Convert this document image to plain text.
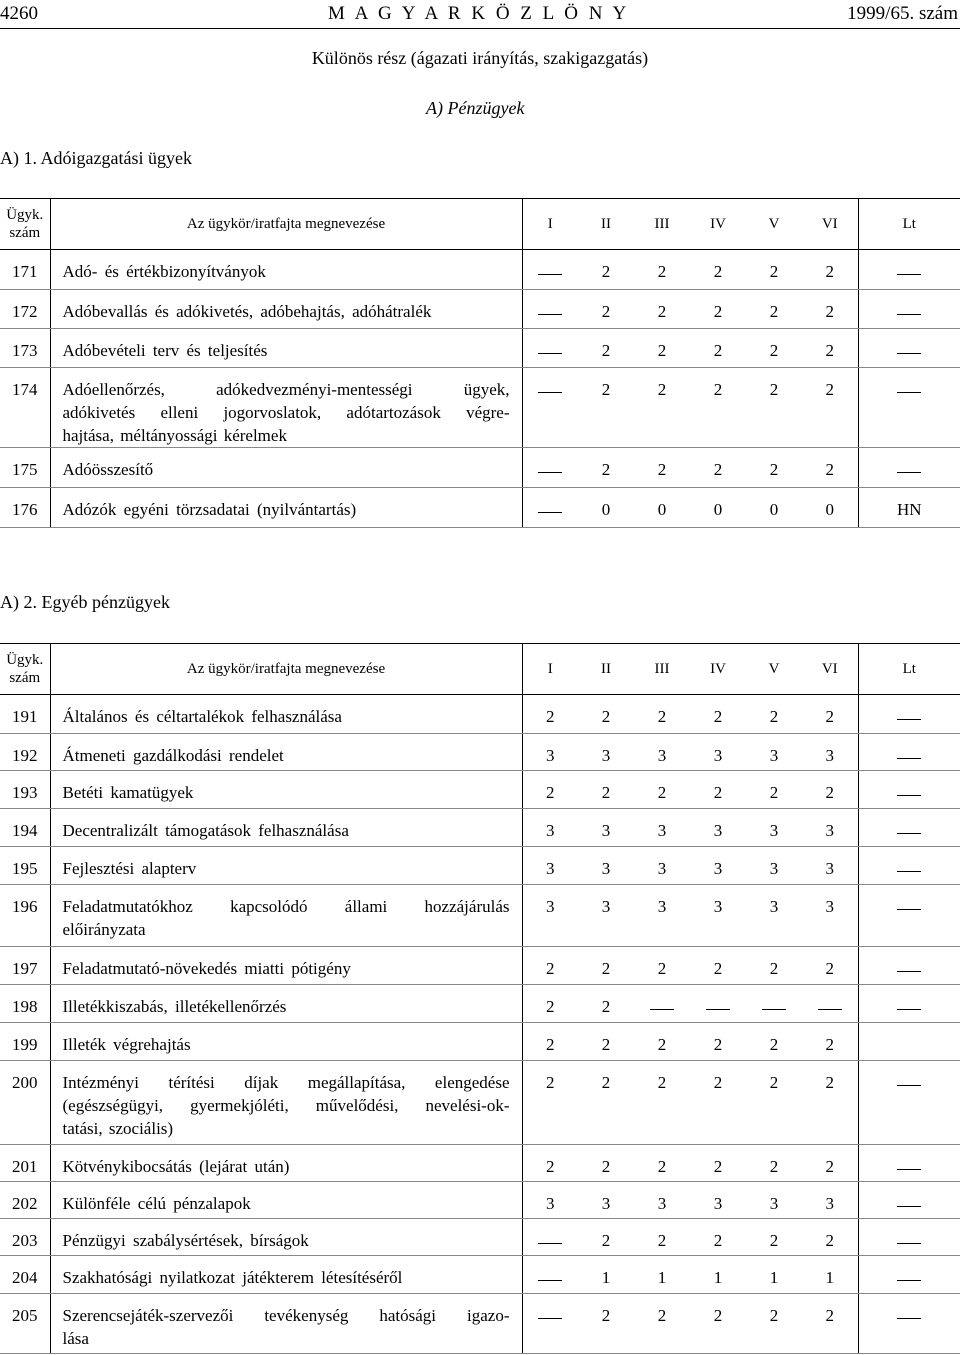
4260	M A G Y A R K Ö Z L Ö N Y	1999/65. szám
Különös rész (ágazati irányítás, szakigazgatás)
A) Pénzügyek
A) 1. Adóigazgatási ügyek
A) 2. Egyéb pénzügyek
Ügyk.
szám	Az ügykör/iratfajta megnevezése	I	II	III	IV	V	VI	Lt
171	Adó- és értékbizonyítványok		2	2	2	2	2	
172	Adóbevallás és adókivetés, adóbehajtás, adóhátralék		2	2	2	2	2	
173	Adóbevételi terv és teljesítés		2	2	2	2	2	
174	Adóellenőrzés, adókedvezményi-mentességi ügyek,
adókivetés elleni jogorvoslatok, adótartozások végre-
hajtása, méltányossági kérelmek		2	2	2	2	2	
175	Adóösszesítő		2	2	2	2	2	
176	Adózók egyéni törzsadatai (nyilvántartás)		0	0	0	0	0	HN
Ügyk.
szám	Az ügykör/iratfajta megnevezése	I	II	III	IV	V	VI	Lt
191	Általános és céltartalékok felhasználása	2	2	2	2	2	2	
192	Átmeneti gazdálkodási rendelet	3	3	3	3	3	3	
193	Betéti kamatügyek	2	2	2	2	2	2	
194	Decentralizált támogatások felhasználása	3	3	3	3	3	3	
195	Fejlesztési alapterv	3	3	3	3	3	3	
196	Feladatmutatókhoz kapcsolódó állami hozzájárulás
előirányzata	3	3	3	3	3	3	
197	Feladatmutató-növekedés miatti pótigény	2	2	2	2	2	2	
198	Illetékkiszabás, illetékellenőrzés	2	2					
199	Illeték végrehajtás	2	2	2	2	2	2	
200	Intézményi térítési díjak megállapítása, elengedése
(egészségügyi, gyermekjóléti, művelődési, nevelési-ok-
tatási, szociális)	2	2	2	2	2	2	
201	Kötvénykibocsátás (lejárat után)	2	2	2	2	2	2	
202	Különféle célú pénzalapok	3	3	3	3	3	3	
203	Pénzügyi szabálysértések, bírságok		2	2	2	2	2	
204	Szakhatósági nyilatkozat játékterem létesítéséről		1	1	1	1	1	
205	Szerencsejáték-szervezői tevékenység hatósági igazo-
lása		2	2	2	2	2	
